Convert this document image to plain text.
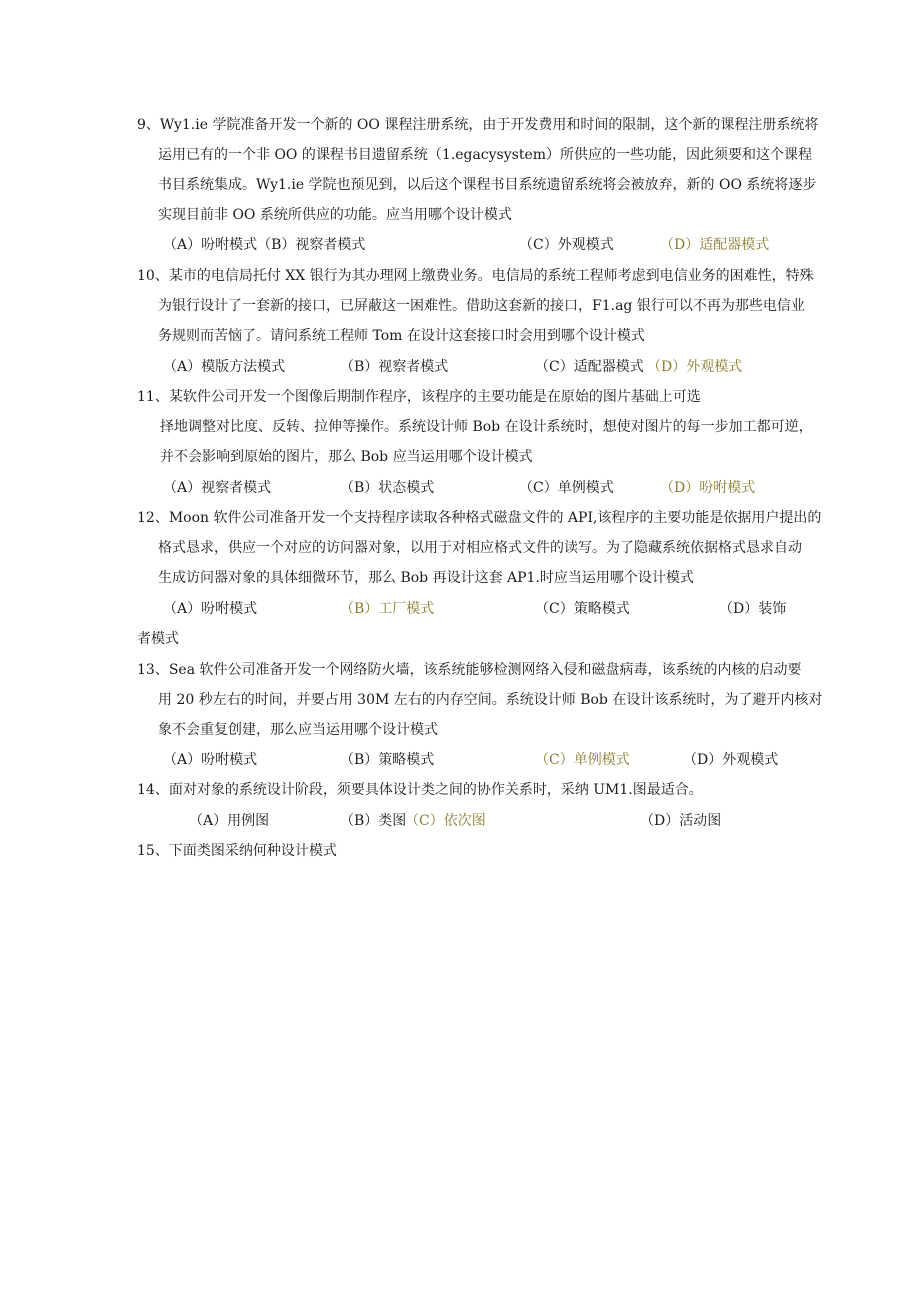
9、Wy1.ie 学院准备开发一个新的 OO 课程注册系统，由于开发费用和时间的限制，这个新的课程注册系统将
运用已有的一个非 OO 的课程书目遗留系统（1.egacysystem）所供应的一些功能，因此须要和这个课程
书目系统集成。Wy1.ie 学院也预见到，以后这个课程书目系统遗留系统将会被放弃，新的 OO 系统将逐步
实现目前非 OO 系统所供应的功能。应当用哪个设计模式
（A）吩咐模式（B）视察者模式	（C）外观模式	（D）适配器模式
10、某市的电信局托付 XX 银行为其办理网上缴费业务。电信局的系统工程师考虑到电信业务的困难性，特殊
为银行设计了一套新的接口，已屏蔽这一困难性。借助这套新的接口，F1.ag 银行可以不再为那些电信业
务规则而苦恼了。请问系统工程师 Tom 在设计这套接口时会用到哪个设计模式
（A）模版方法模式	（B）视察者模式	（C）适配器模式 （D）外观模式
11、某软件公司开发一个图像后期制作程序，该程序的主要功能是在原始的图片基础上可选
择地调整对比度、反转、拉伸等操作。系统设计师 Bob 在设计系统时，想使对图片的每一步加工都可逆，
并不会影响到原始的图片，那么 Bob 应当运用哪个设计模式
（A）视察者模式	（B）状态模式	（C）单例模式	（D）吩咐模式
12、Moon 软件公司准备开发一个支持程序读取各种格式磁盘文件的 API,该程序的主要功能是依据用户提出的
格式恳求，供应一个对应的访问器对象，以用于对相应格式文件的读写。为了隐藏系统依据格式恳求自动
生成访问器对象的具体细微环节，那么 Bob 再设计这套 AP1.时应当运用哪个设计模式
（A）吩咐模式	（B）工厂模式	（C）策略模式	（D）装饰
者模式
13、Sea 软件公司准备开发一个网络防火墙，该系统能够检测网络入侵和磁盘病毒，该系统的内核的启动要
用 20 秒左右的时间，并要占用 30M 左右的内存空间。系统设计师 Bob 在设计该系统时，为了避开内核对
象不会重复创建，那么应当运用哪个设计模式
（A）吩咐模式	（B）策略模式	（C）单例模式	（D）外观模式
14、面对对象的系统设计阶段，须要具体设计类之间的协作关系时，采纳 UM1.图最适合。
（A）用例图	（B）类图
（C）依次图	（D）活动图
15、下面类图采纳何种设计模式
